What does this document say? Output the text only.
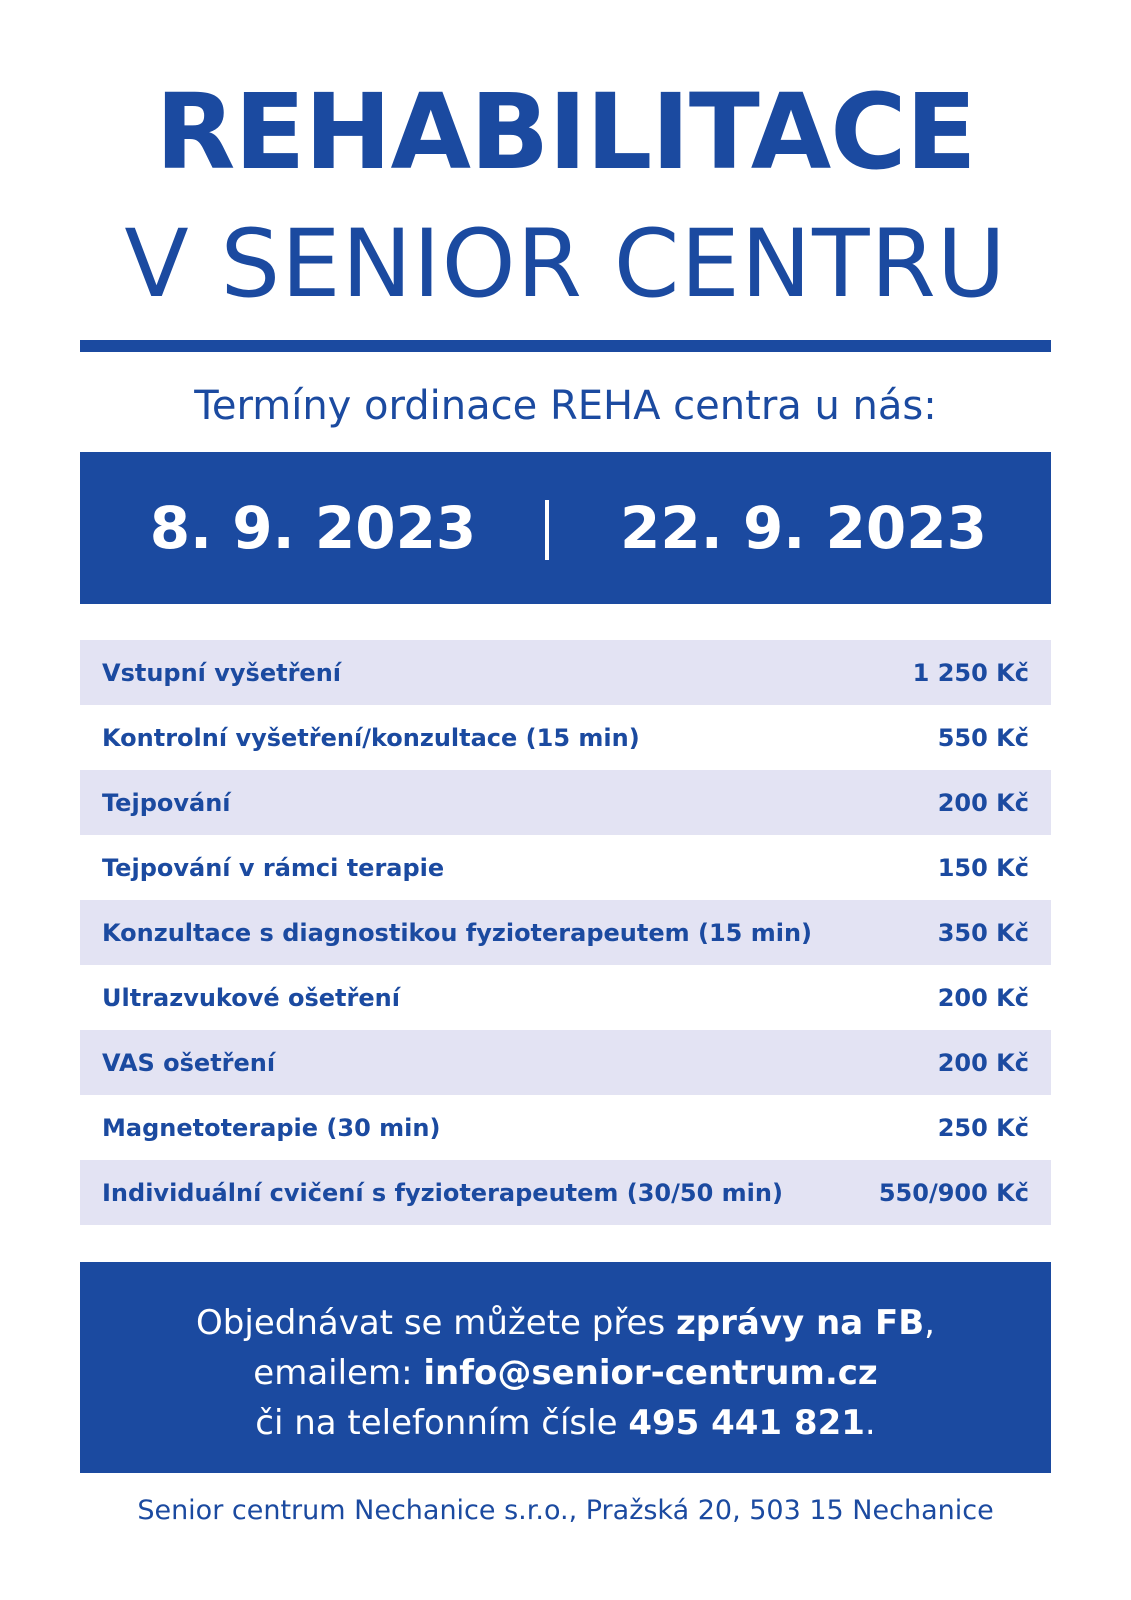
REHABILITACE
V SENIOR CENTRU
Termíny ordinace REHA centra u nás:
8. 9. 2023	22. 9. 2023
Vstupní vyšetření	1 250 Kč
Kontrolní vyšetření/konzultace (15 min)	550 Kč
Tejpování	200 Kč
Tejpování v rámci terapie	150 Kč
Konzultace s diagnostikou fyzioterapeutem (15 min)	350 Kč
Ultrazvukové ošetření	200 Kč
VAS ošetření	200 Kč
Magnetoterapie (30 min)	250 Kč
Individuální cvičení s fyzioterapeutem (30/50 min)	550/900 Kč
Objednávat se můžete přes zprávy na FB,
emailem: info@senior-centrum.cz
či na telefonním čísle 495 441 821.
Senior centrum Nechanice s.r.o., Pražská 20, 503 15 Nechanice
